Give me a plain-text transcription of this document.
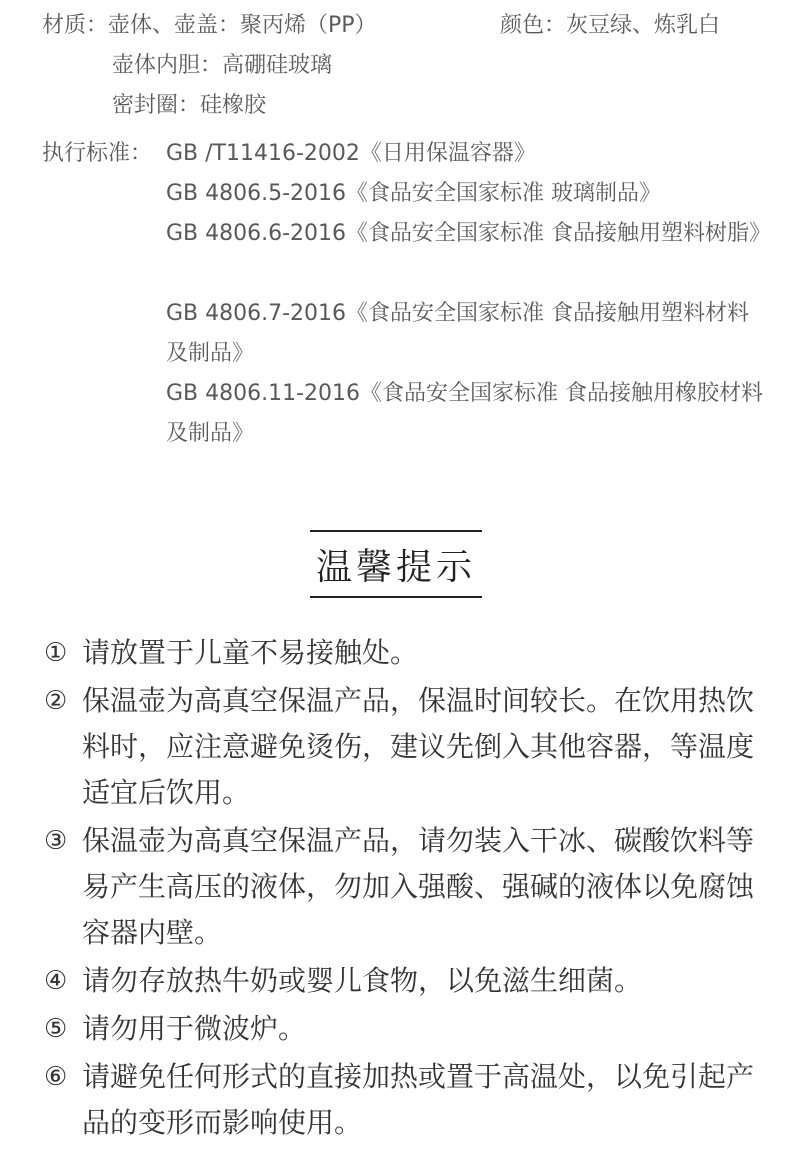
材质： 壶体、壶盖：聚丙烯（PP）
壶体内胆：高硼硅玻璃
密封圈：硅橡胶
颜色：灰豆绿、炼乳白
执行标准： GB /T11416-2002《日用保温容器》
GB 4806.5-2016《食品安全国家标准 玻璃制品》
GB 4806.6-2016《食品安全国家标准 食品接触用塑料树脂》
GB 4806.7-2016《食品安全国家标准 食品接触用塑料材料及制品》
GB 4806.11-2016《食品安全国家标准 食品接触用橡胶材料及制品》
温馨提示
① 请放置于儿童不易接触处。
② 保温壶为高真空保温产品，保温时间较长。在饮用热饮料时，应注意避免烫伤，建议先倒入其他容器，等温度适宜后饮用。
③ 保温壶为高真空保温产品，请勿装入干冰、碳酸饮料等易产生高压的液体，勿加入强酸、强碱的液体以免腐蚀容器内壁。
④ 请勿存放热牛奶或婴儿食物，以免滋生细菌。
⑤ 请勿用于微波炉。
⑥ 请避免任何形式的直接加热或置于高温处，以免引起产品的变形而影响使用。
